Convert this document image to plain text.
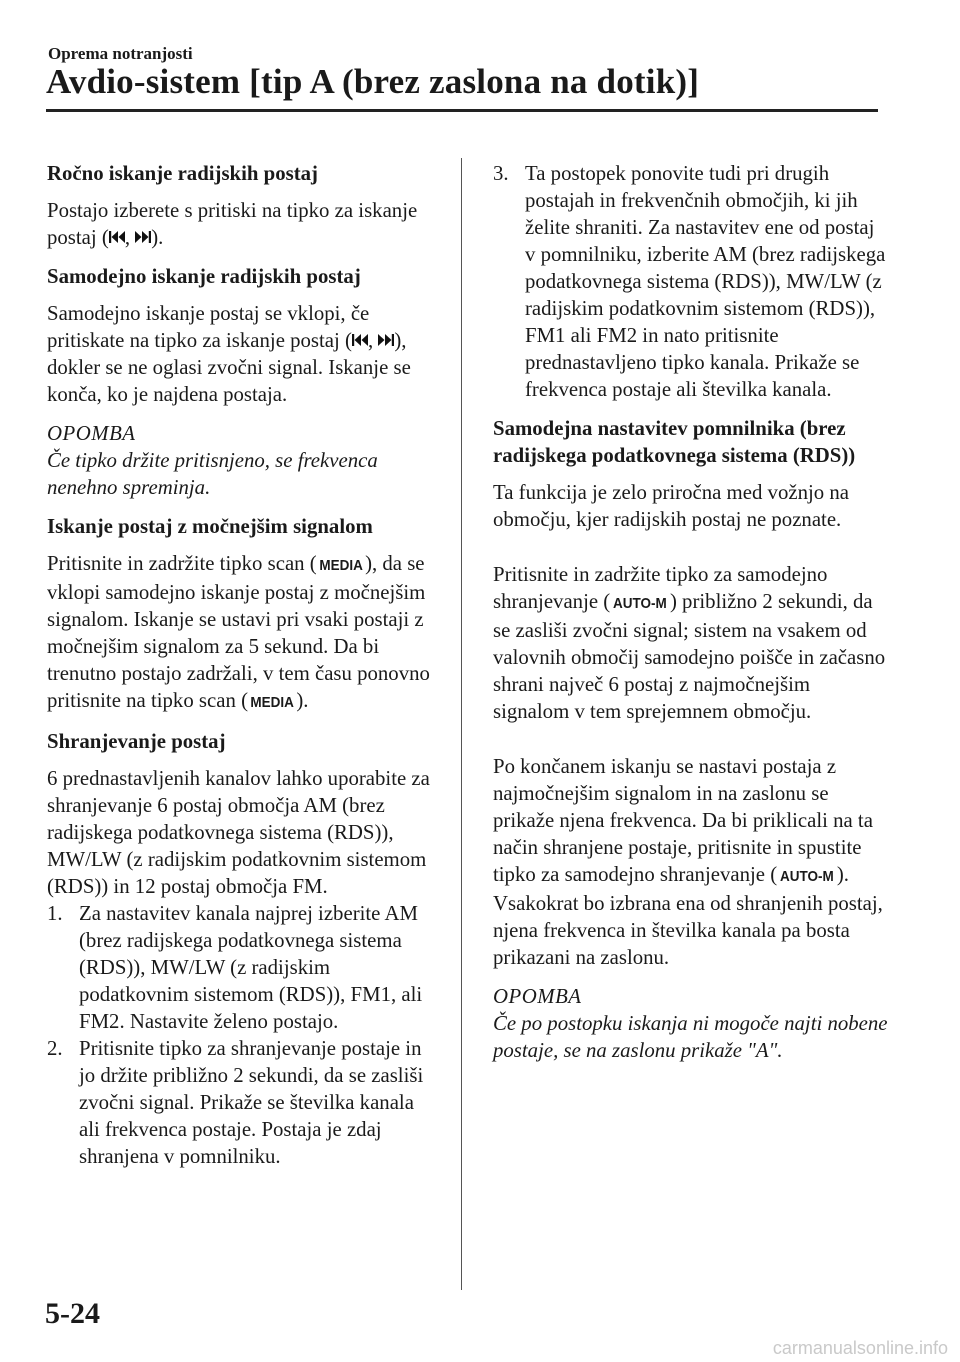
Oprema notranjosti
Avdio-sistem [tip A (brez zaslona na dotik)]

Ročno iskanje radijskih postaj

Postajo izberete s pritiski na tipko za iskanje postaj ( ,
).

Samodejno iskanje radijskih postaj

Samodejno iskanje postaj se vklopi, če pritiskate na tipko za iskanje postaj ( ,
), dokler se ne oglasi zvočni signal. Iskanje se konča, ko je najdena postaja.

OPOMBA

Če tipko držite pritisnjeno, se frekvenca nenehno spreminja.

Iskanje postaj z močnejšim signalom

Pritisnite in zadržite tipko scan ( MEDIA ), da se vklopi samodejno iskanje postaj z močnejšim signalom. Iskanje se ustavi pri vsaki postaji z močnejšim signalom za 5 sekund. Da bi trenutno postajo zadržali, v tem času ponovno pritisnite na tipko scan ( MEDIA ).

Shranjevanje postaj

6 prednastavljenih kanalov lahko uporabite za shranjevanje 6 postaj območja AM (brez radijskega podatkovnega sistema (RDS)), MW/LW (z radijskim podatkovnim sistemom (RDS)) in 12 postaj območja FM.

1. Za nastavitev kanala najprej izberite AM (brez radijskega podatkovnega sistema (RDS)), MW/LW (z radijskim podatkovnim sistemom (RDS)), FM1, ali FM2. Nastavite želeno postajo.
2. Pritisnite tipko za shranjevanje postaje in jo držite približno 2 sekundi, da se zasliši zvočni signal. Prikaže se številka kanala ali frekvenca postaje. Postaja je zdaj shranjena v pomnilniku.
3. Ta postopek ponovite tudi pri drugih postajah in frekvenčnih območjih, ki jih želite shraniti. Za nastavitev ene od postaj v pomnilniku, izberite AM (brez radijskega podatkovnega sistema (RDS)), MW/LW (z radijskim podatkovnim sistemom (RDS)), FM1 ali FM2 in nato pritisnite prednastavljeno tipko kanala. Prikaže se frekvenca postaje ali številka kanala.

Samodejna nastavitev pomnilnika (brez radijskega podatkovnega sistema (RDS))

Ta funkcija je zelo priročna med vožnjo na območju, kjer radijskih postaj ne poznate.

Pritisnite in zadržite tipko za samodejno shranjevanje ( AUTO-M ) približno 2 sekundi, da se zasliši zvočni signal; sistem na vsakem od valovnih območij samodejno poišče in začasno shrani največ 6 postaj z najmočnejšim signalom v tem sprejemnem območju.

Po končanem iskanju se nastavi postaja z najmočnejšim signalom in na zaslonu se prikaže njena frekvenca. Da bi priklicali na ta način shranjene postaje, pritisnite in spustite tipko za samodejno shranjevanje ( AUTO-M ). Vsakokrat bo izbrana ena od shranjenih postaj, njena frekvenca in številka kanala pa bosta prikazani na zaslonu.

OPOMBA

Če po postopku iskanja ni mogoče najti nobene postaje, se na zaslonu prikaže "A".

5-24
carmanualsonline.info
